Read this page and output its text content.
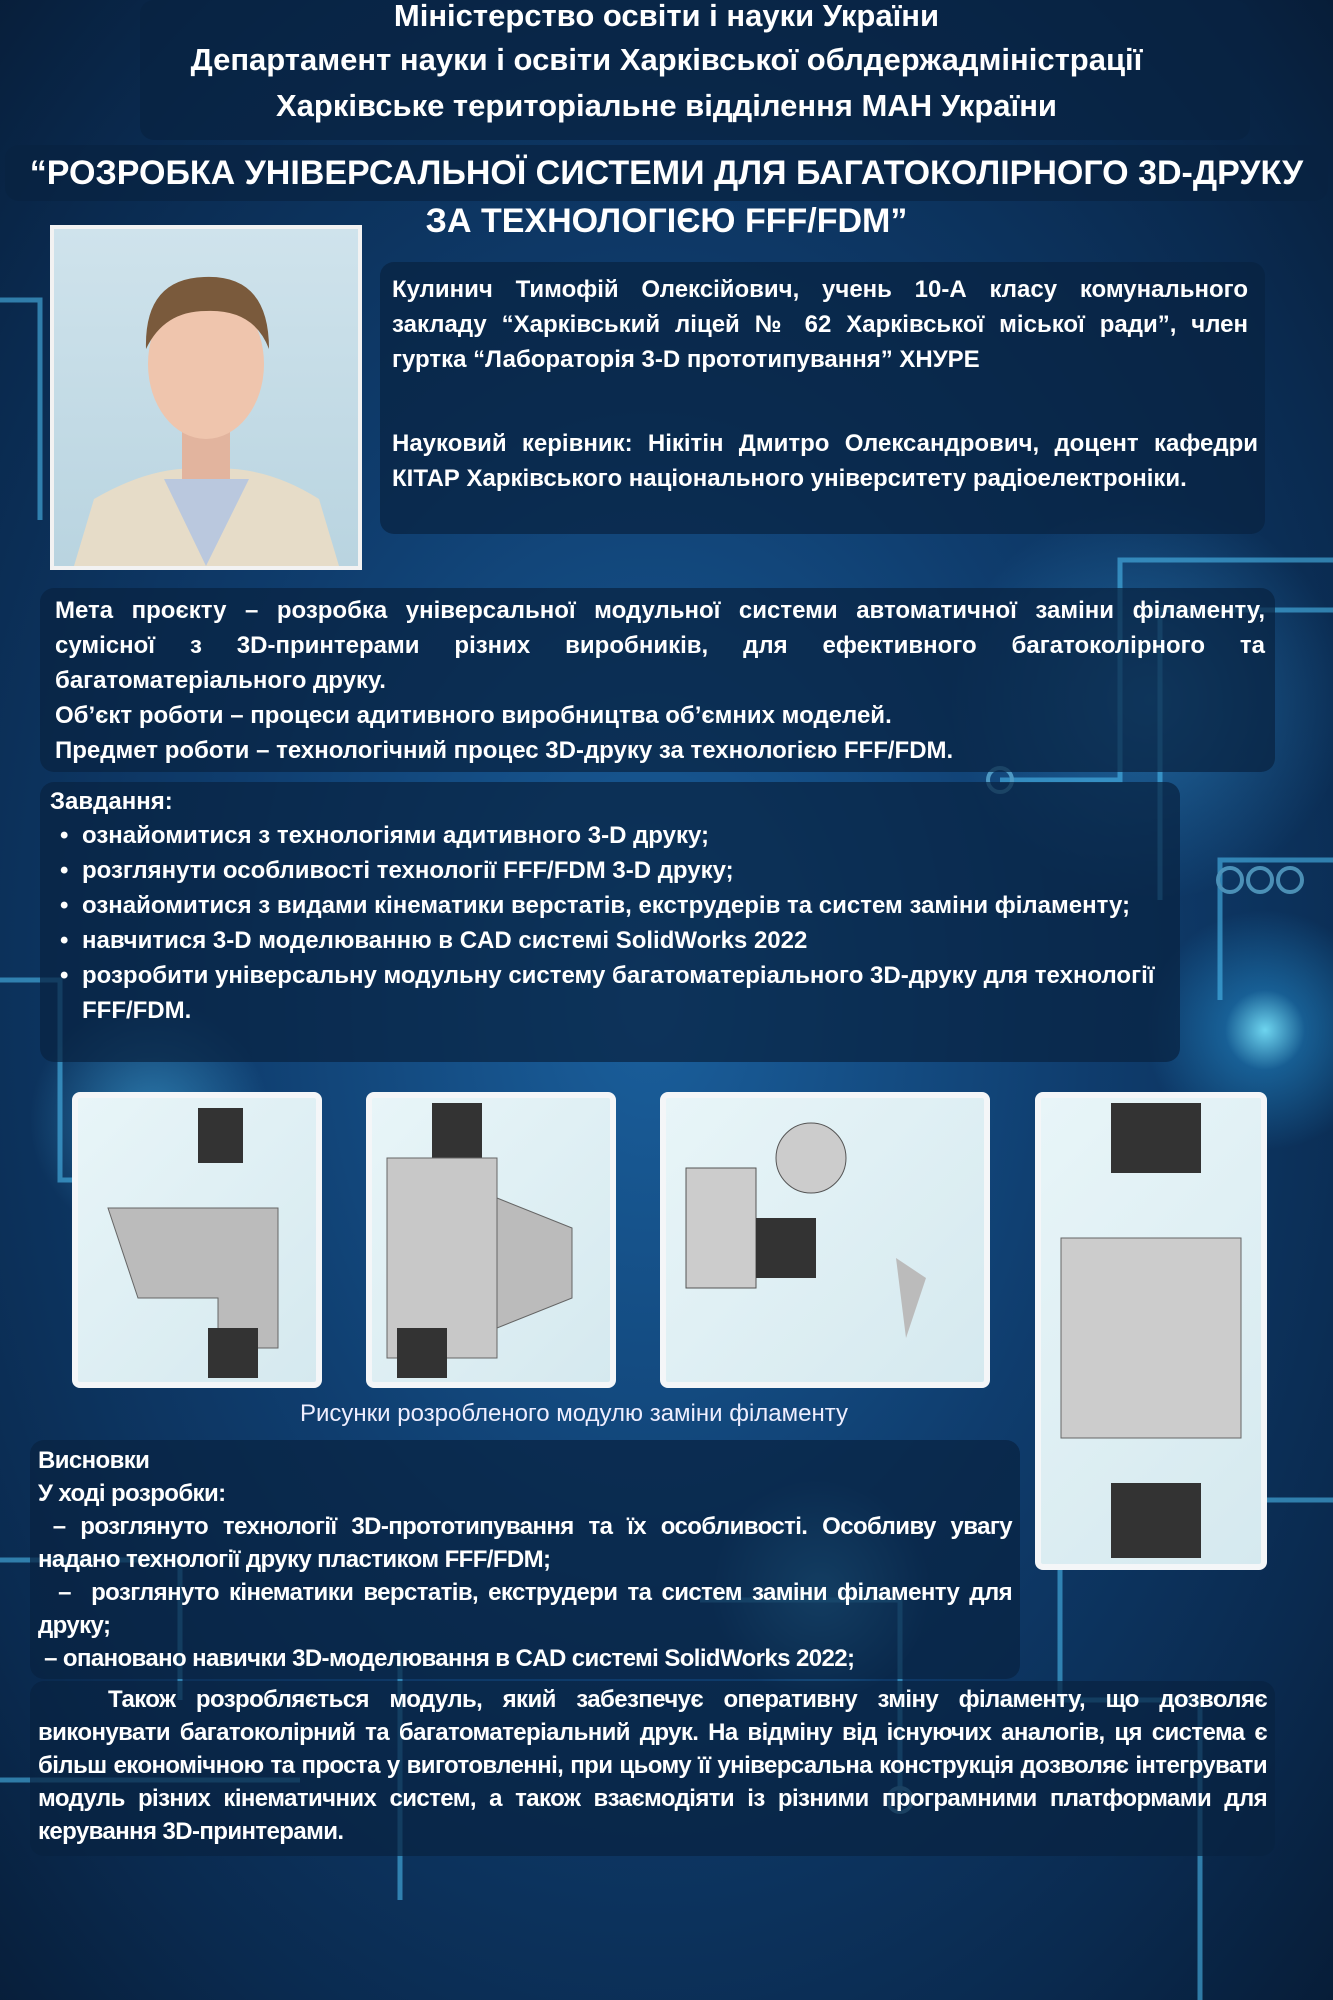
Міністерство освіти і науки України
Департамент науки і освіти Харківської облдержадміністрації
Харківське територіальне відділення МАН України
“РОЗРОБКА УНІВЕРСАЛЬНОЇ СИСТЕМИ ДЛЯ БАГАТОКОЛІРНОГО 3D-ДРУКУ
ЗА ТЕХНОЛОГІЄЮ FFF/FDM”
Кулинич Тимофій Олексійович, учень 10-А класу комунального закладу “Харківський ліцей № 62 Харківської міської ради”, член гуртка “Лабораторія 3-D прототипування” ХНУРЕ
Науковий керівник: Нікітін Дмитро Олександрович, доцент кафедри КІТАР Харківського національного університету радіоелектроніки.
Мета проєкту – розробка універсальної модульної системи автоматичної заміни філаменту, сумісної з 3D-принтерами різних виробників, для ефективного багатоколірного та багатоматеріального друку.
Об’єкт роботи – процеси адитивного виробництва об’ємних моделей.
Предмет роботи – технологічний процес 3D-друку за технологією FFF/FDM.
Завдання:
• ознайомитися з технологіями адитивного 3-D друку;
• розглянути особливості технології FFF/FDM 3-D друку;
• ознайомитися з видами кінематики верстатів, екструдерів та систем заміни філаменту;
• навчитися 3-D моделюванню в CAD системі SolidWorks 2022
• розробити універсальну модульну систему багатоматеріального 3D-друку для технології FFF/FDM.
Рисунки розробленого модулю заміни філаменту
Висновки
У ході розробки:
– розглянуто технології 3D-прототипування та їх особливості. Особливу увагу надано технології друку пластиком FFF/FDM;
–  розглянуто кінематики верстатів, екструдери та систем заміни філаменту для друку;
– опановано навички 3D-моделювання в CAD системі SolidWorks 2022;
Також розробляється модуль, який забезпечує оперативну зміну філаменту, що дозволяє виконувати багатоколірний та багатоматеріальний друк. На відміну від існуючих аналогів, ця система є більш економічною та проста у виготовленні, при цьому її універсальна конструкція дозволяє інтегрувати модуль різних кінематичних систем, а також взаємодіяти із різними програмними платформами для керування 3D-принтерами.
